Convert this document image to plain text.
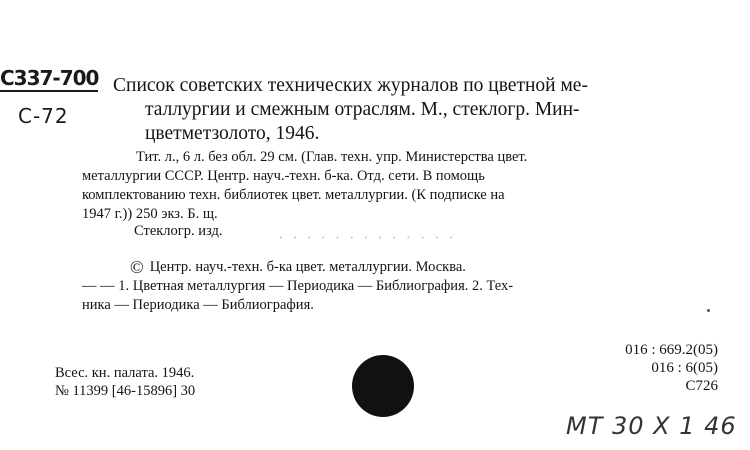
С337-700
С-72

Список советских технических журналов по цветной ме-

таллургии и смежным отраслям. М., стеклогр. Мин-

цветметзолото, 1946.

Тит. л., 6 л. без обл. 29 см. (Глав. техн. упр. Министерства цвет.

металлургии СССР. Центр. науч.-техн. б-ка. Отд. сети. В помощь

комплектованию техн. библиотек цвет. металлургии. (К подписке на

1947 г.)) 250 экз. Б. щ.

Стеклогр. изд.	· · · · · · · · · · · · ·

© Центр. науч.-техн. б-ка цвет. металлургии. Москва.

— — 1. Цветная металлургия — Периодика — Библиография. 2. Тех-

ника — Периодика — Библиография.

Всес. кн. палата. 1946.

№ 11399 [46-15896] 30

016 : 669.2(05)

016 : 6(05)

С726

МТ 30 Х 1 46
